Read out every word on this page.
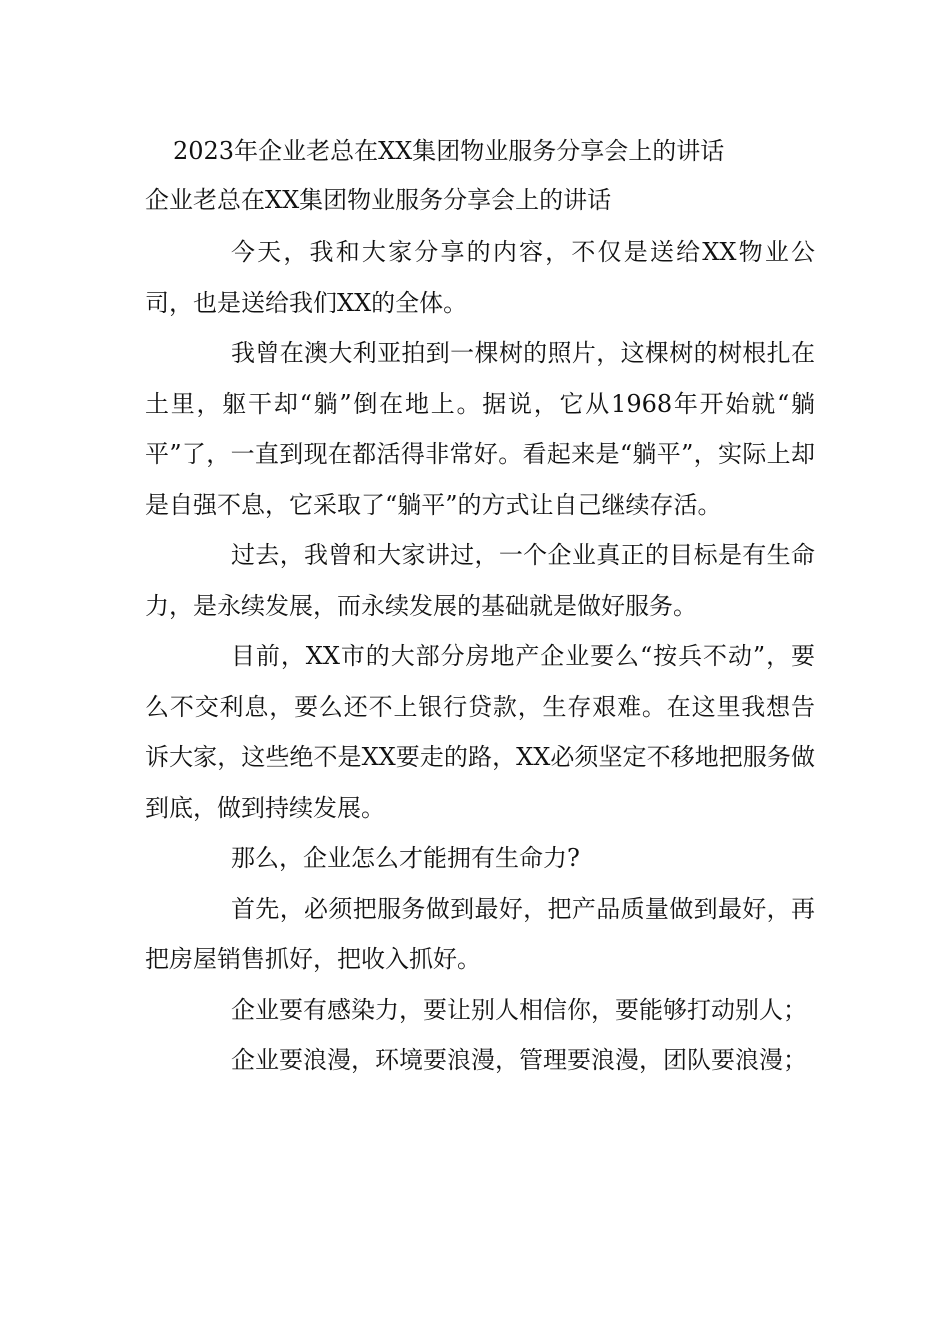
2023年企业老总在XX集团物业服务分享会上的讲话
企业老总在XX集团物业服务分享会上的讲话

今天，我和大家分享的内容，不仅是送给XX物业公司，也是送给我们XX的全体。

我曾在澳大利亚拍到一棵树的照片，这棵树的树根扎在土里，躯干却“躺”倒在地上。据说，它从1968年开始就“躺平”了，一直到现在都活得非常好。看起来是“躺平”，实际上却是自强不息，它采取了“躺平”的方式让自己继续存活。

过去，我曾和大家讲过，一个企业真正的目标是有生命力，是永续发展，而永续发展的基础就是做好服务。

目前，XX市的大部分房地产企业要么“按兵不动”，要么不交利息，要么还不上银行贷款，生存艰难。在这里我想告诉大家，这些绝不是XX要走的路，XX必须坚定不移地把服务做到底，做到持续发展。

那么，企业怎么才能拥有生命力?

首先，必须把服务做到最好，把产品质量做到最好，再把房屋销售抓好，把收入抓好。

企业要有感染力，要让别人相信你，要能够打动别人；

企业要浪漫，环境要浪漫，管理要浪漫，团队要浪漫；
